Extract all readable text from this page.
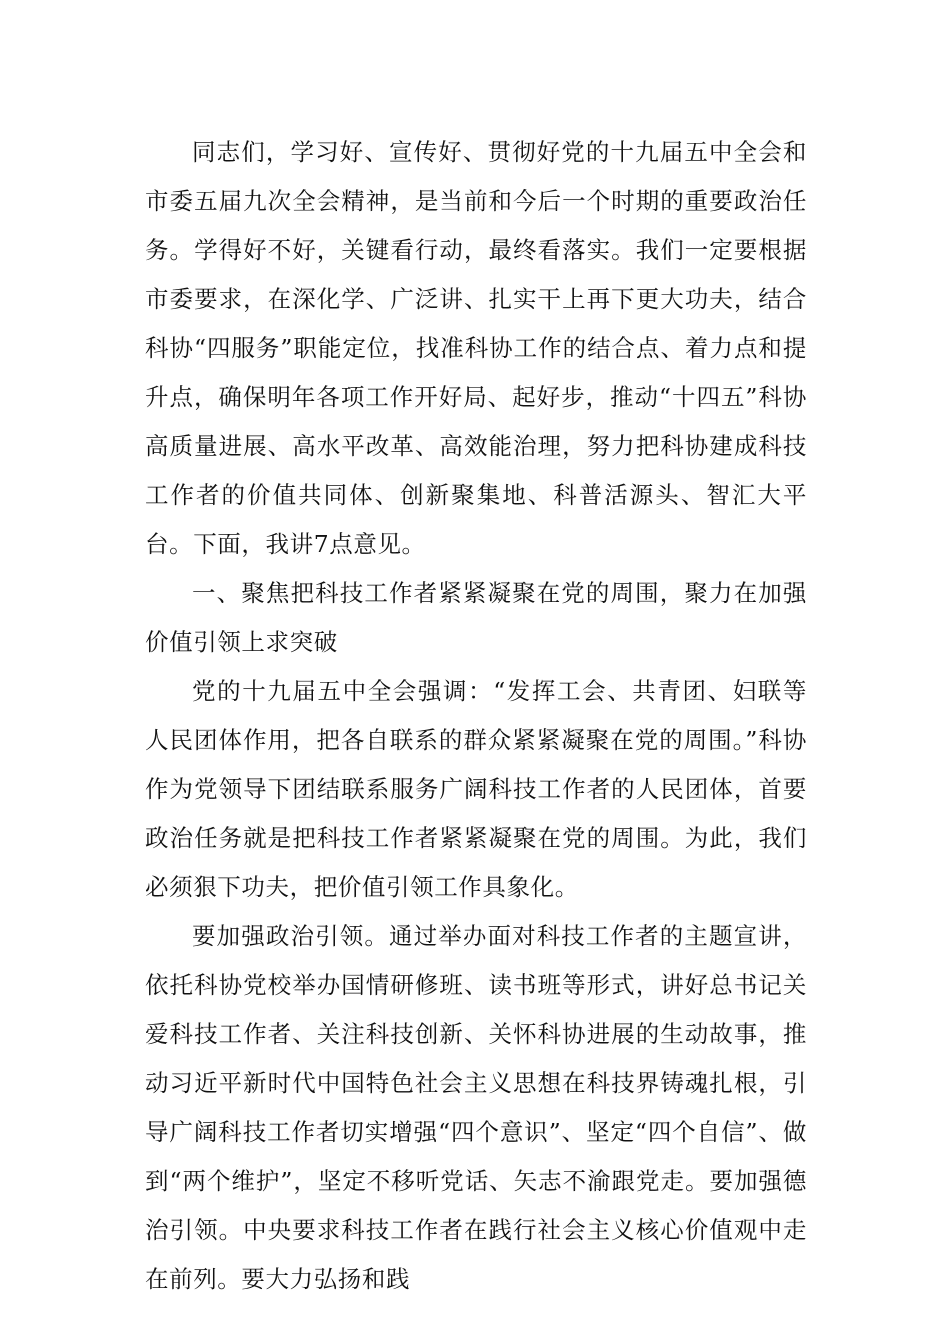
同志们，学习好、宣传好、贯彻好党的十九届五中全会和市委五届九次全会精神，是当前和今后一个时期的重要政治任务。学得好不好，关键看行动，最终看落实。我们一定要根据市委要求，在深化学、广泛讲、扎实干上再下更大功夫，结合科协“四服务”职能定位，找准科协工作的结合点、着力点和提升点，确保明年各项工作开好局、起好步，推动“十四五”科协高质量进展、高水平改革、高效能治理，努力把科协建成科技工作者的价值共同体、创新聚集地、科普活源头、智汇大平台。下面，我讲7点意见。

一、聚焦把科技工作者紧紧凝聚在党的周围，聚力在加强价值引领上求突破

党的十九届五中全会强调：“发挥工会、共青团、妇联等人民团体作用，把各自联系的群众紧紧凝聚在党的周围。”科协作为党领导下团结联系服务广阔科技工作者的人民团体，首要政治任务就是把科技工作者紧紧凝聚在党的周围。为此，我们必须狠下功夫，把价值引领工作具象化。

要加强政治引领。通过举办面对科技工作者的主题宣讲，依托科协党校举办国情研修班、读书班等形式，讲好总书记关爱科技工作者、关注科技创新、关怀科协进展的生动故事，推动习近平新时代中国特色社会主义思想在科技界铸魂扎根，引导广阔科技工作者切实增强“四个意识”、坚定“四个自信”、做到“两个维护”，坚定不移听党话、矢志不渝跟党走。要加强德治引领。中央要求科技工作者在践行社会主义核心价值观中走在前列。要大力弘扬和践
